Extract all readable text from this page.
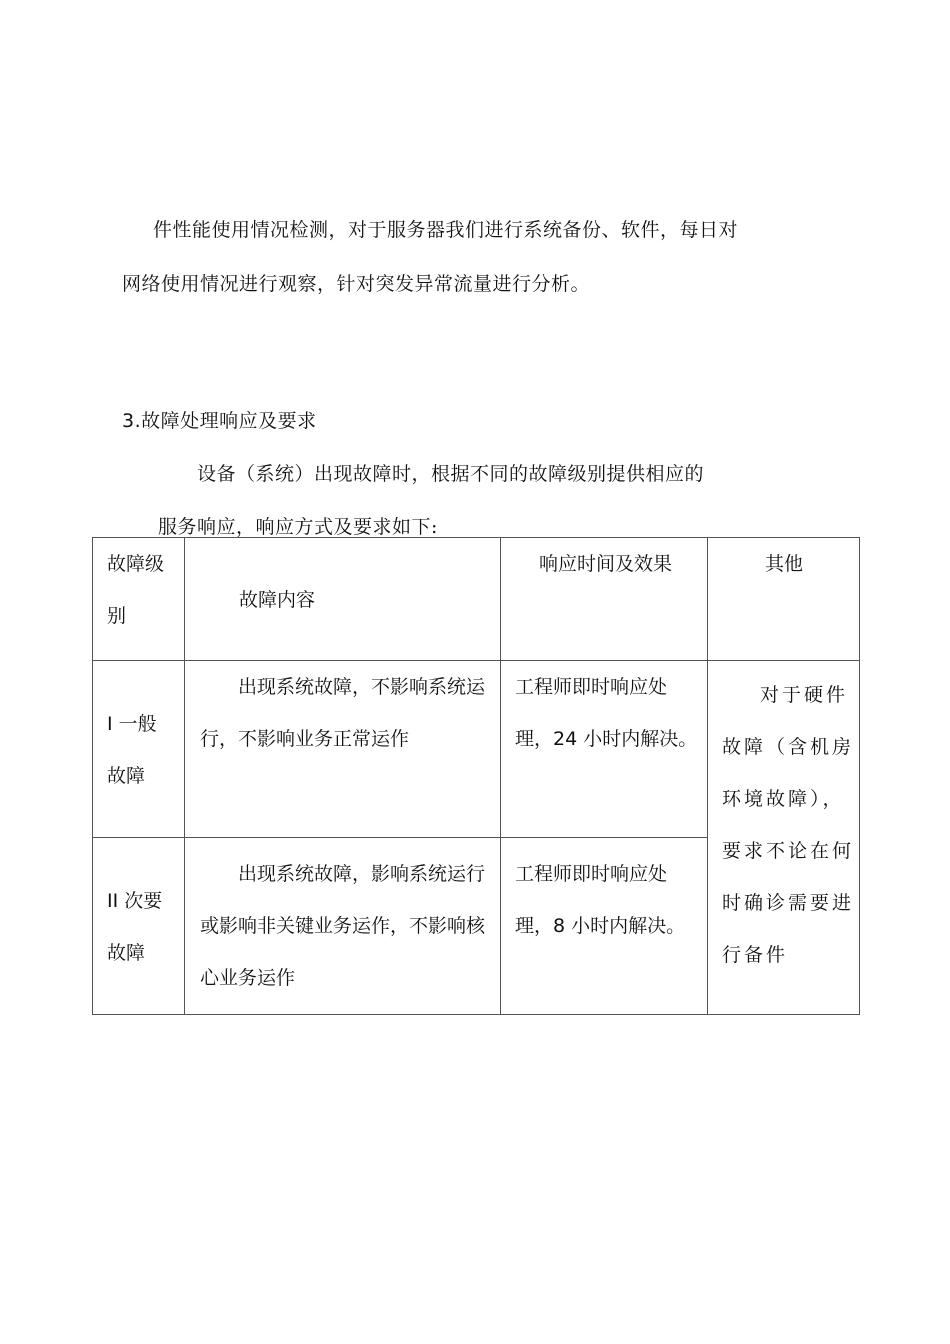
件性能使用情况检测，对于服务器我们进行系统备份、软件，每日对
网络使用情况进行观察，针对突发异常流量进行分析。
3.故障处理响应及要求
设备（系统）出现故障时，根据不同的故障级别提供相应的
服务响应，响应方式及要求如下:
故障级别	故障内容	响应时间及效果	其他

I 一般故障	出现系统故障，不影响系统运行，不影响业务正常运作	工程师即时响应处理，24 小时内解决。	对于硬件故障（含机房环境故障），要求不论在何时确诊需要进行备件

II 次要故障	出现系统故障，影响系统运行或影响非关键业务运作，不影响核心业务运作	工程师即时响应处理，8 小时内解决。	
